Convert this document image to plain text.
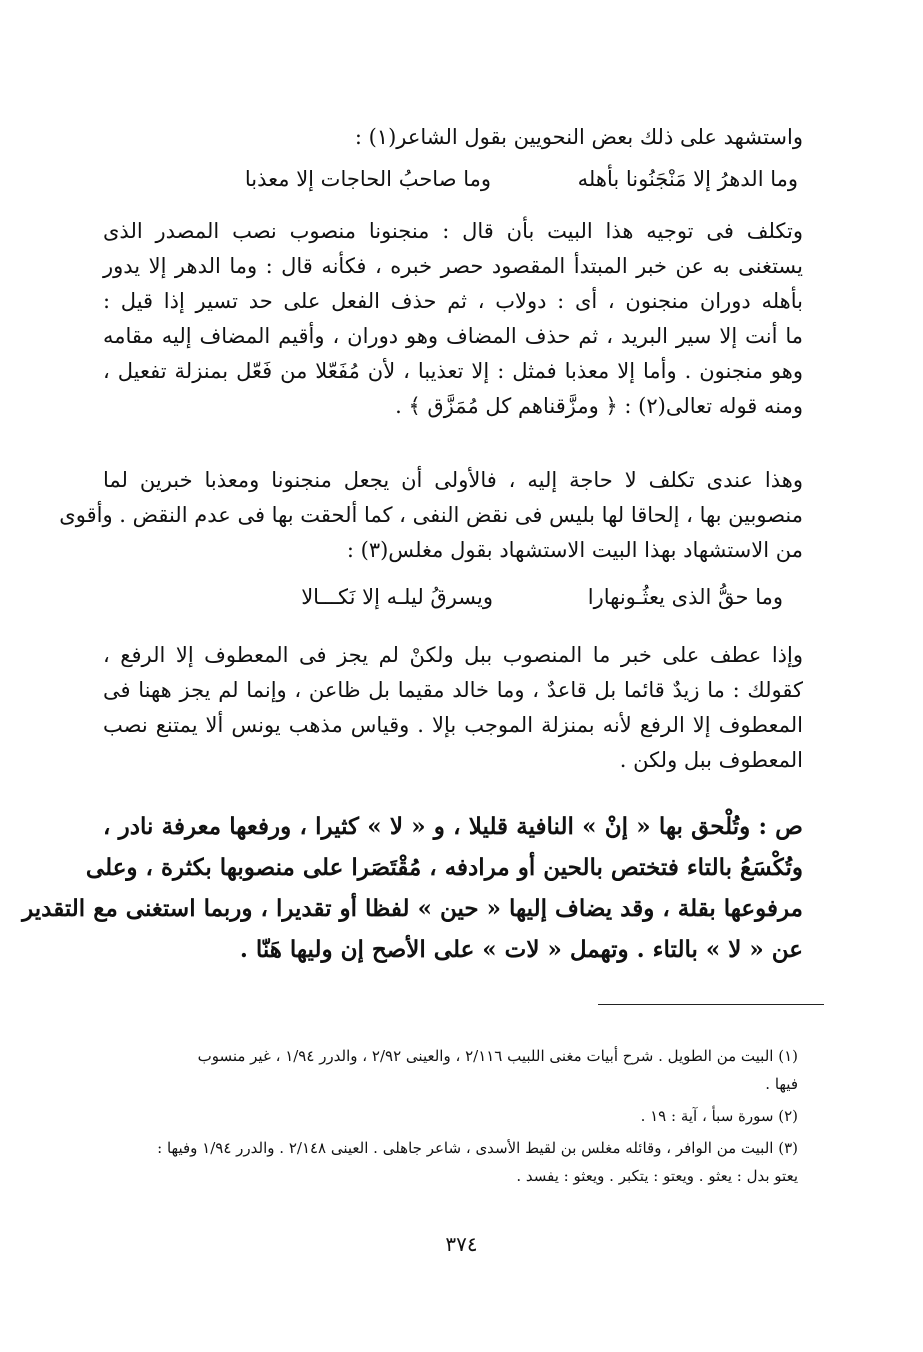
واستشهد على ذلك بعض النحويين بقول الشاعر(١) :
وما الدهرُ إلا مَنْجَنُونا بأهله
وما صاحبُ الحاجات إلا معذبا
وتكلف فى توجيه هذا البيت بأن قال : منجنونا منصوب نصب المصدر الذى
يستغنى به عن خبر المبتدأ المقصود حصر خبره ، فكأنه قال : وما الدهر إلا يدور
بأهله دوران منجنون ، أى : دولاب ، ثم حذف الفعل على حد تسير إذا قيل :
ما أنت إلا سير البريد ، ثم حذف المضاف وهو دوران ، وأقيم المضاف إليه مقامه
وهو منجنون . وأما إلا معذبا فمثل : إلا تعذيبا ، لأن مُفَعّلا من فَعّل بمنزلة تفعيل ،
ومنه قوله تعالى(٢) : ﴿ ومزَّقناهم كل مُمَزَّق ﴾ .
وهذا عندى تكلف لا حاجة إليه ، فالأولى أن يجعل منجنونا ومعذبا خبرين لما
منصوبين بها ، إلحاقا لها بليس فى نقض النفى ، كما ألحقت بها فى عدم النقض . وأقوى
من الاستشهاد بهذا البيت الاستشهاد بقول مغلس(٣) :
وما حقُّ الذى يعثُـونهارا
ويسرقُ ليلـه إلا نَكـــالا
وإذا عطف على خبر ما المنصوب ببل ولكنْ لم يجز فى المعطوف إلا الرفع ،
كقولك : ما زيدٌ قائما بل قاعدٌ ، وما خالد مقيما بل ظاعن ، وإنما لم يجز ههنا فى
المعطوف إلا الرفع لأنه بمنزلة الموجب بإلا . وقياس مذهب يونس ألا يمتنع نصب
المعطوف ببل ولكن .
ص : وتُلْحق بها « إنْ » النافية قليلا ، و « لا » كثيرا ، ورفعها معرفة نادر ،
وتُكْسَعُ بالتاء فتختص بالحين أو مرادفه ، مُقْتَصَرا على منصوبها بكثرة ، وعلى
مرفوعها بقلة ، وقد يضاف إليها « حين » لفظا أو تقديرا ، وربما استغنى مع التقدير
عن « لا » بالتاء . وتهمل « لات » على الأصح إن وليها هَنّا .
(١) البيت من الطويل . شرح أبيات مغنى اللبيب ٢/١١٦ ، والعينى ٢/٩٢ ، والدرر ١/٩٤ ، غير منسوب
فيها .
(٢) سورة سبأ ، آية : ١٩ .
(٣) البيت من الوافر ، وقائله مغلس بن لقيط الأسدى ، شاعر جاهلى . العينى ٢/١٤٨ . والدرر ١/٩٤ وفيها :
يعتو بدل : يعثو . ويعتو : يتكبر . ويعثو : يفسد .
٣٧٤
